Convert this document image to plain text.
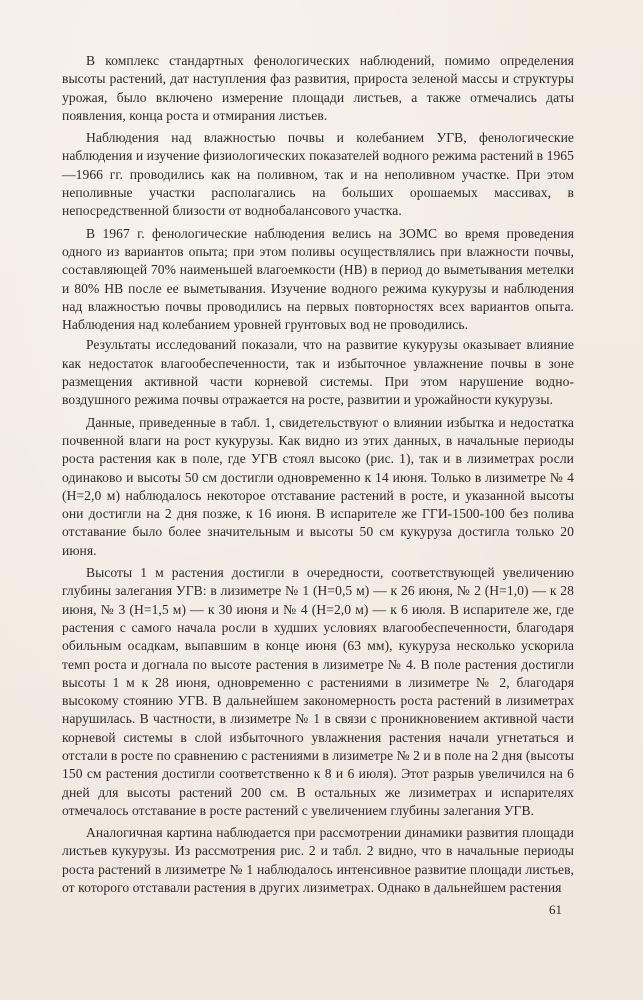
В комплекс стандартных фенологических наблюдений, помимо определения высоты растений, дат наступления фаз развития, прироста зеленой массы и структуры урожая, было включено измерение площади листьев, а также отмечались даты появления, конца роста и отмирания листьев.

Наблюдения над влажностью почвы и колебанием УГВ, фенологические наблюдения и изучение физиологических показателей водного режима растений в 1965—1966 гг. проводились как на поливном, так и на неполивном участке. При этом неполивные участки располагались на больших орошаемых массивах, в непосредственной близости от воднобалансового участка.

В 1967 г. фенологические наблюдения велись на ЗОМС во время проведения одного из вариантов опыта; при этом поливы осуществлялись при влажности почвы, составляющей 70% наименьшей влагоемкости (НВ) в период до выметывания метелки и 80% НВ после ее выметывания. Изучение водного режима кукурузы и наблюдения над влажностью почвы проводились на первых повторностях всех вариантов опыта. Наблюдения над колебанием уровней грунтовых вод не проводились.

Результаты исследований показали, что на развитие кукурузы оказывает влияние как недостаток влагообеспеченности, так и избыточное увлажнение почвы в зоне размещения активной части корневой системы. При этом нарушение водно-воздушного режима почвы отражается на росте, развитии и урожайности кукурузы.

Данные, приведенные в табл. 1, свидетельствуют о влиянии избытка и недостатка почвенной влаги на рост кукурузы. Как видно из этих данных, в начальные периоды роста растения как в поле, где УГВ стоял высоко (рис. 1), так и в лизиметрах росли одинаково и высоты 50 см достигли одновременно к 14 июня. Только в лизиметре № 4 (H=2,0 м) наблюдалось некоторое отставание растений в росте, и указанной высоты они достигли на 2 дня позже, к 16 июня. В испарителе же ГГИ-1500-100 без полива отставание было более значительным и высоты 50 см кукуруза достигла только 20 июня.

Высоты 1 м растения достигли в очередности, соответствующей увеличению глубины залегания УГВ: в лизиметре № 1 (H=0,5 м) — к 26 июня, № 2 (H=1,0) — к 28 июня, № 3 (H=1,5 м) — к 30 июня и № 4 (H=2,0 м) — к 6 июля. В испарителе же, где растения с самого начала росли в худших условиях влагообеспеченности, благодаря обильным осадкам, выпавшим в конце июня (63 мм), кукуруза несколько ускорила темп роста и догнала по высоте растения в лизиметре № 4. В поле растения достигли высоты 1 м к 28 июня, одновременно с растениями в лизиметре № 2, благодаря высокому стоянию УГВ. В дальнейшем закономерность роста растений в лизиметрах нарушилась. В частности, в лизиметре № 1 в связи с проникновением активной части корневой системы в слой избыточного увлажнения растения начали угнетаться и отстали в росте по сравнению с растениями в лизиметре № 2 и в поле на 2 дня (высоты 150 см растения достигли соответственно к 8 и 6 июля). Этот разрыв увеличился на 6 дней для высоты растений 200 см. В остальных же лизиметрах и испарителях отмечалось отставание в росте растений с увеличением глубины залегания УГВ.

Аналогичная картина наблюдается при рассмотрении динамики развития площади листьев кукурузы. Из рассмотрения рис. 2 и табл. 2 видно, что в начальные периоды роста растений в лизиметре № 1 наблюдалось интенсивное развитие площади листьев, от которого отставали растения в других лизиметрах. Однако в дальнейшем растения

61
